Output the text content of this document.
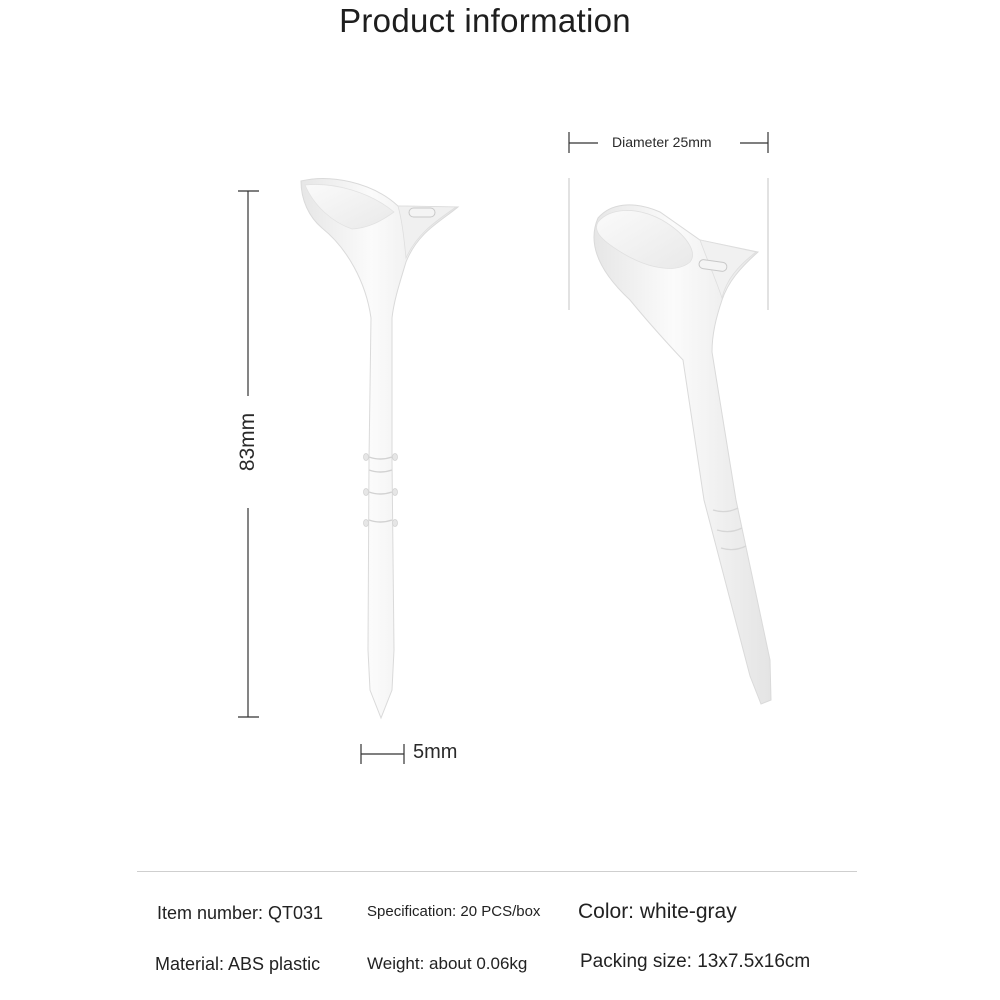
Product information
83mm
5mm
Diameter 25mm
Item number: QT031	Specification: 20 PCS/box Color: white-gray
Material: ABS plastic	Weight: about 0.06kg	Packing size: 13x7.5x16cm
